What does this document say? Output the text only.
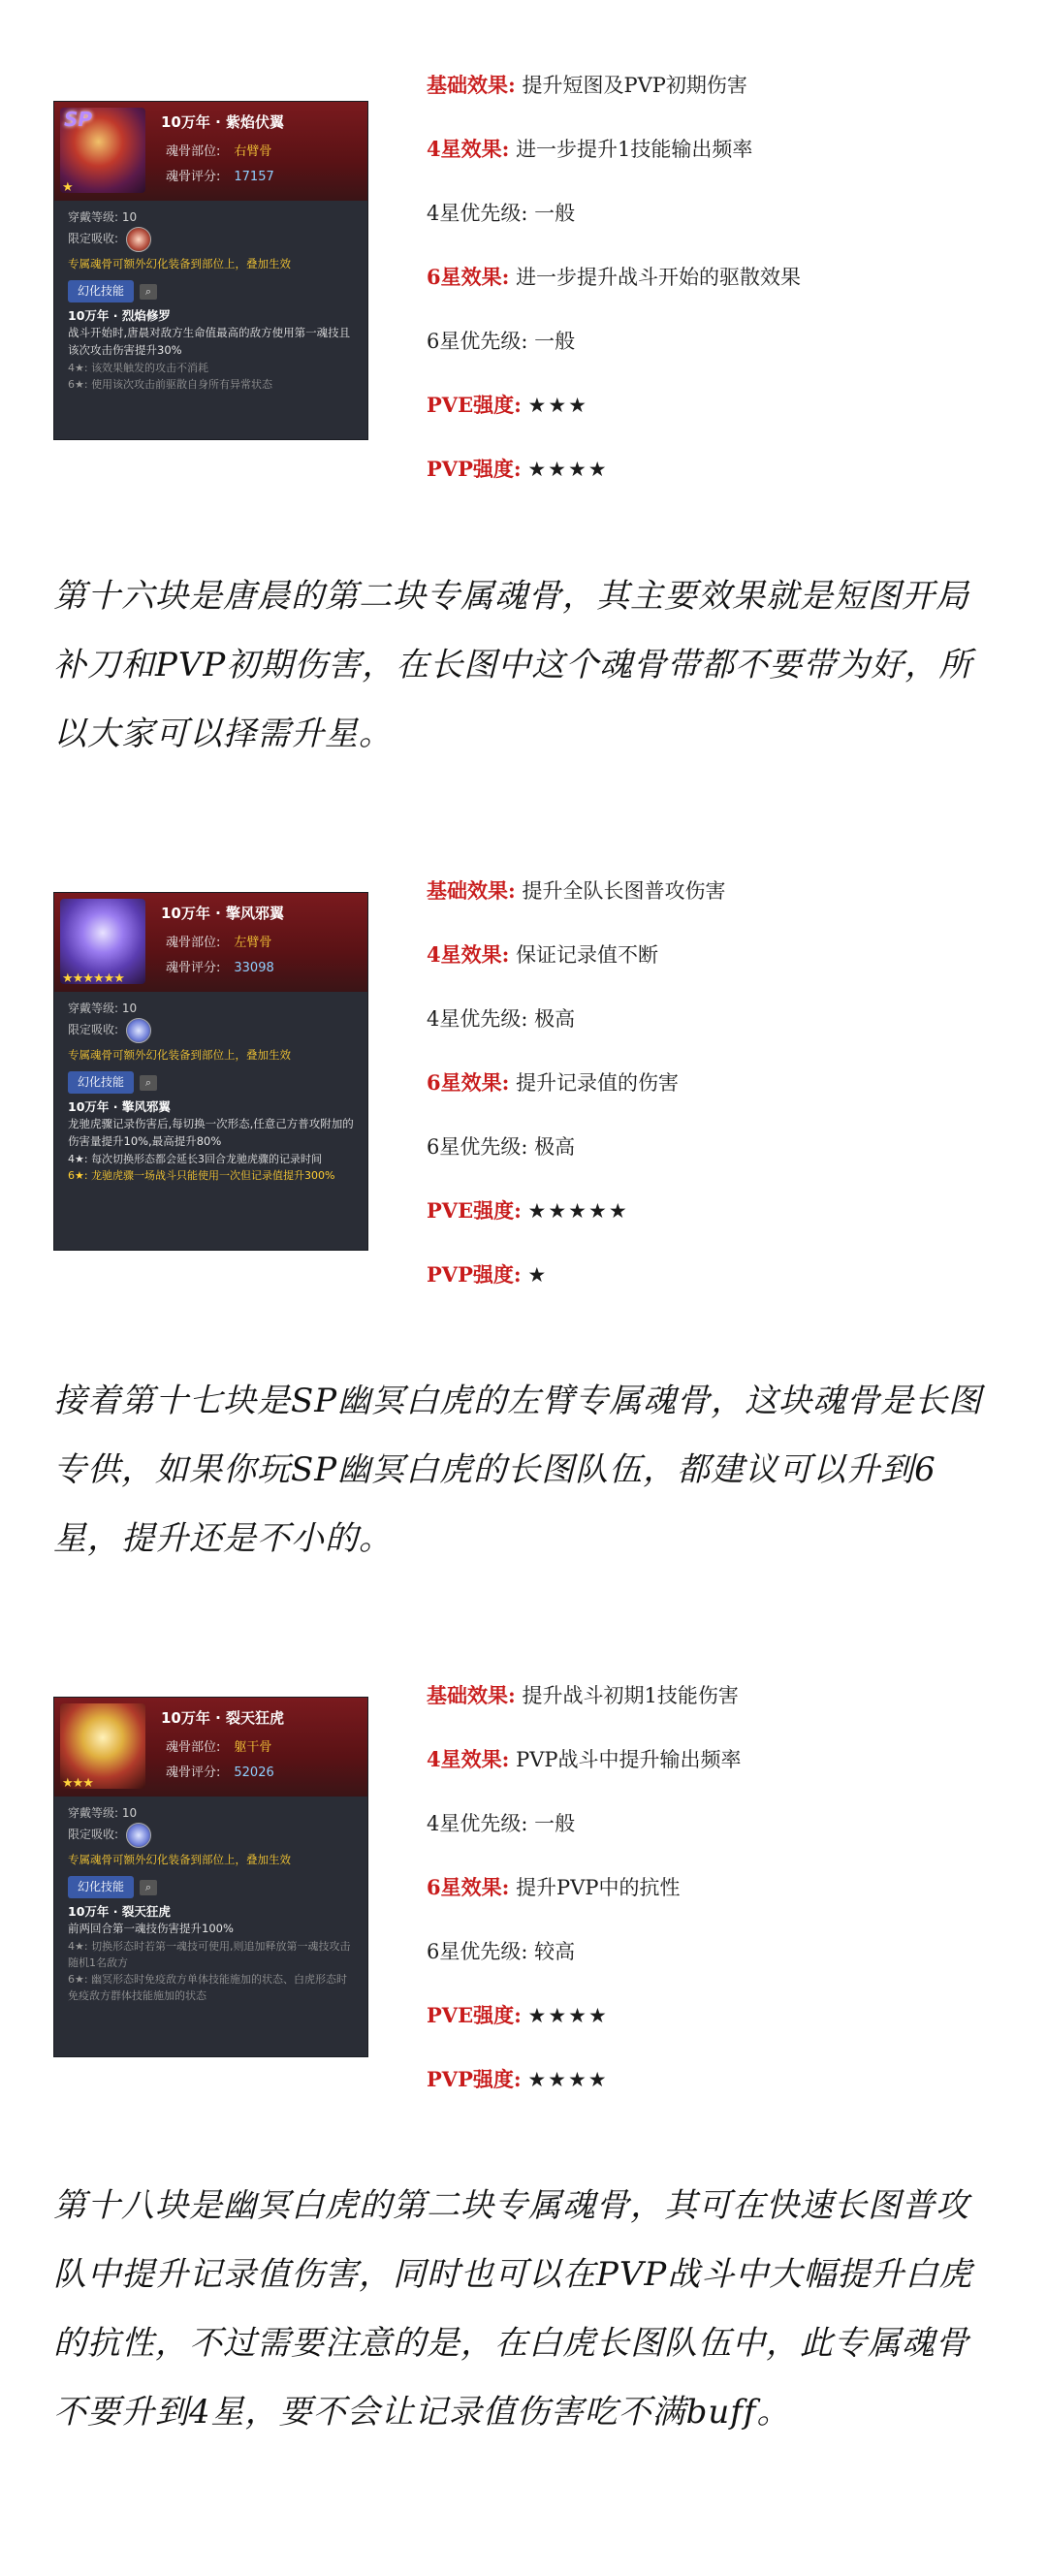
SP
★
10万年 · 紫焰伏翼
魂骨部位: 右臂骨
魂骨评分: 17157
穿戴等级: 10
限定吸收:
专属魂骨可额外幻化装备到部位上，叠加生效
幻化技能 ⌕
10万年 · 烈焰修罗
战斗开始时,唐晨对敌方生命值最高的敌方使用第一魂技且该次攻击伤害提升30%
4★: 该效果触发的攻击不消耗
6★: 使用该次攻击前驱散自身所有异常状态
基础效果: 提升短图及PVP初期伤害
4星效果: 进一步提升1技能输出频率
4星优先级: 一般
6星效果: 进一步提升战斗开始的驱散效果
6星优先级: 一般
PVE强度: ★★★
PVP强度: ★★★★
第十六块是唐晨的第二块专属魂骨，其主要效果就是短图开局补刀和PVP初期伤害，在长图中这个魂骨带都不要带为好，所以大家可以择需升星。
★★★★★★
10万年 · 擎风邪翼
魂骨部位: 左臂骨
魂骨评分: 33098
穿戴等级: 10
限定吸收:
专属魂骨可额外幻化装备到部位上，叠加生效
幻化技能 ⌕
10万年 · 擎风邪翼
龙驰虎骤记录伤害后,每切换一次形态,任意己方普攻附加的伤害量提升10%,最高提升80%
4★: 每次切换形态都会延长3回合龙驰虎骤的记录时间
6★: 龙驰虎骤一场战斗只能使用一次但记录值提升300%
基础效果: 提升全队长图普攻伤害
4星效果: 保证记录值不断
4星优先级: 极高
6星效果: 提升记录值的伤害
6星优先级: 极高
PVE强度: ★★★★★
PVP强度: ★
接着第十七块是SP幽冥白虎的左臂专属魂骨，这块魂骨是长图专供，如果你玩SP幽冥白虎的长图队伍，都建议可以升到6星，提升还是不小的。
★★★
10万年 · 裂天狂虎
魂骨部位: 躯干骨
魂骨评分: 52026
穿戴等级: 10
限定吸收:
专属魂骨可额外幻化装备到部位上，叠加生效
幻化技能 ⌕
10万年 · 裂天狂虎
前两回合第一魂技伤害提升100%
4★: 切换形态时若第一魂技可使用,则追加释放第一魂技攻击随机1名敌方
6★: 幽冥形态时免疫敌方单体技能施加的状态、白虎形态时免疫敌方群体技能施加的状态
基础效果: 提升战斗初期1技能伤害
4星效果: PVP战斗中提升输出频率
4星优先级: 一般
6星效果: 提升PVP中的抗性
6星优先级: 较高
PVE强度: ★★★★
PVP强度: ★★★★
第十八块是幽冥白虎的第二块专属魂骨，其可在快速长图普攻队中提升记录值伤害，同时也可以在PVP战斗中大幅提升白虎的抗性，不过需要注意的是，在白虎长图队伍中，此专属魂骨不要升到4星，要不会让记录值伤害吃不满buff。
